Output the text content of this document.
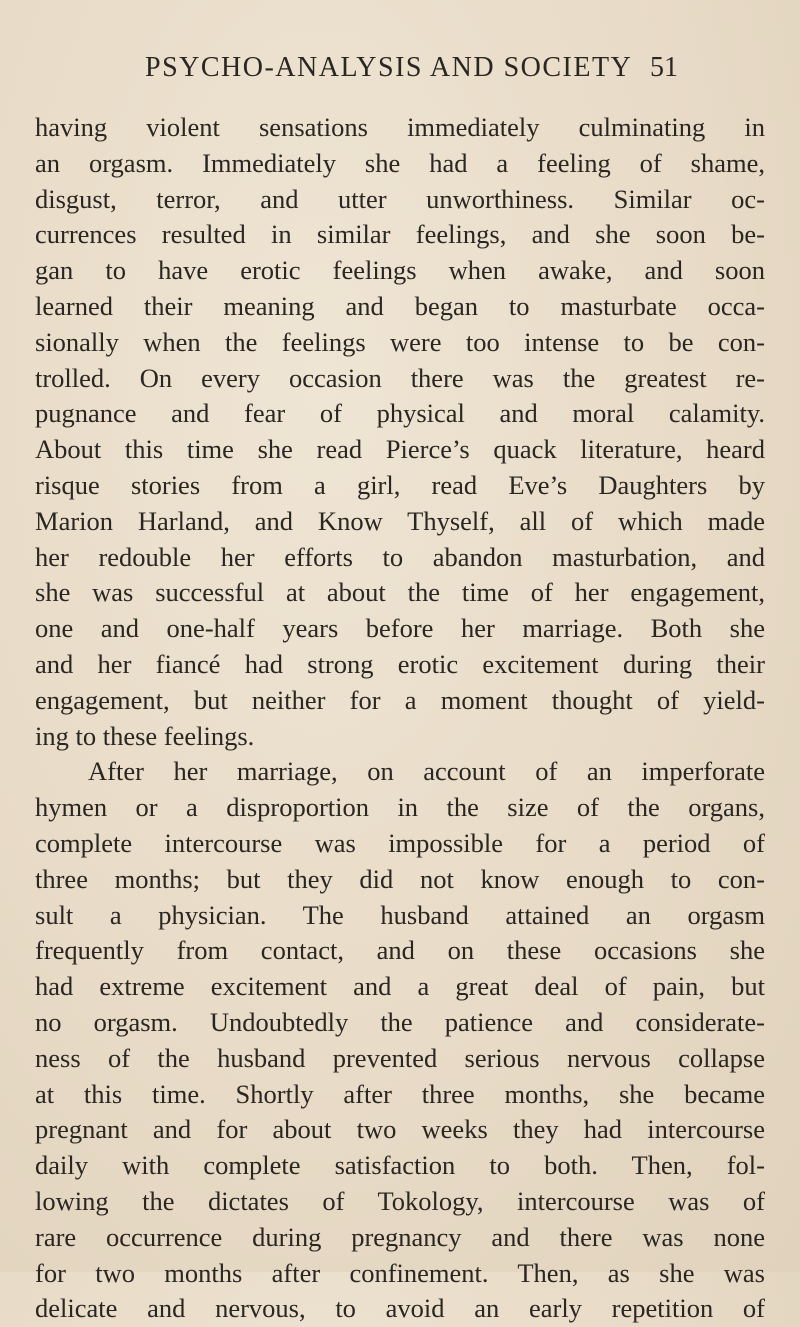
PSYCHO-ANALYSIS AND SOCIETY 51
having violent sensations immediately culminating in
an orgasm. Immediately she had a feeling of shame,
disgust, terror, and utter unworthiness. Similar oc-
currences resulted in similar feelings, and she soon be-
gan to have erotic feelings when awake, and soon
learned their meaning and began to masturbate occa-
sionally when the feelings were too intense to be con-
trolled. On every occasion there was the greatest re-
pugnance and fear of physical and moral calamity.
About this time she read Pierce’s quack literature, heard
risque stories from a girl, read Eve’s Daughters by
Marion Harland, and Know Thyself, all of which made
her redouble her efforts to abandon masturbation, and
she was successful at about the time of her engagement,
one and one-half years before her marriage. Both she
and her fiancé had strong erotic excitement during their
engagement, but neither for a moment thought of yield-
ing to these feelings.
After her marriage, on account of an imperforate
hymen or a disproportion in the size of the organs,
complete intercourse was impossible for a period of
three months; but they did not know enough to con-
sult a physician. The husband attained an orgasm
frequently from contact, and on these occasions she
had extreme excitement and a great deal of pain, but
no orgasm. Undoubtedly the patience and considerate-
ness of the husband prevented serious nervous collapse
at this time. Shortly after three months, she became
pregnant and for about two weeks they had intercourse
daily with complete satisfaction to both. Then, fol-
lowing the dictates of Tokology, intercourse was of
rare occurrence during pregnancy and there was none
for two months after confinement. Then, as she was
delicate and nervous, to avoid an early repetition of
